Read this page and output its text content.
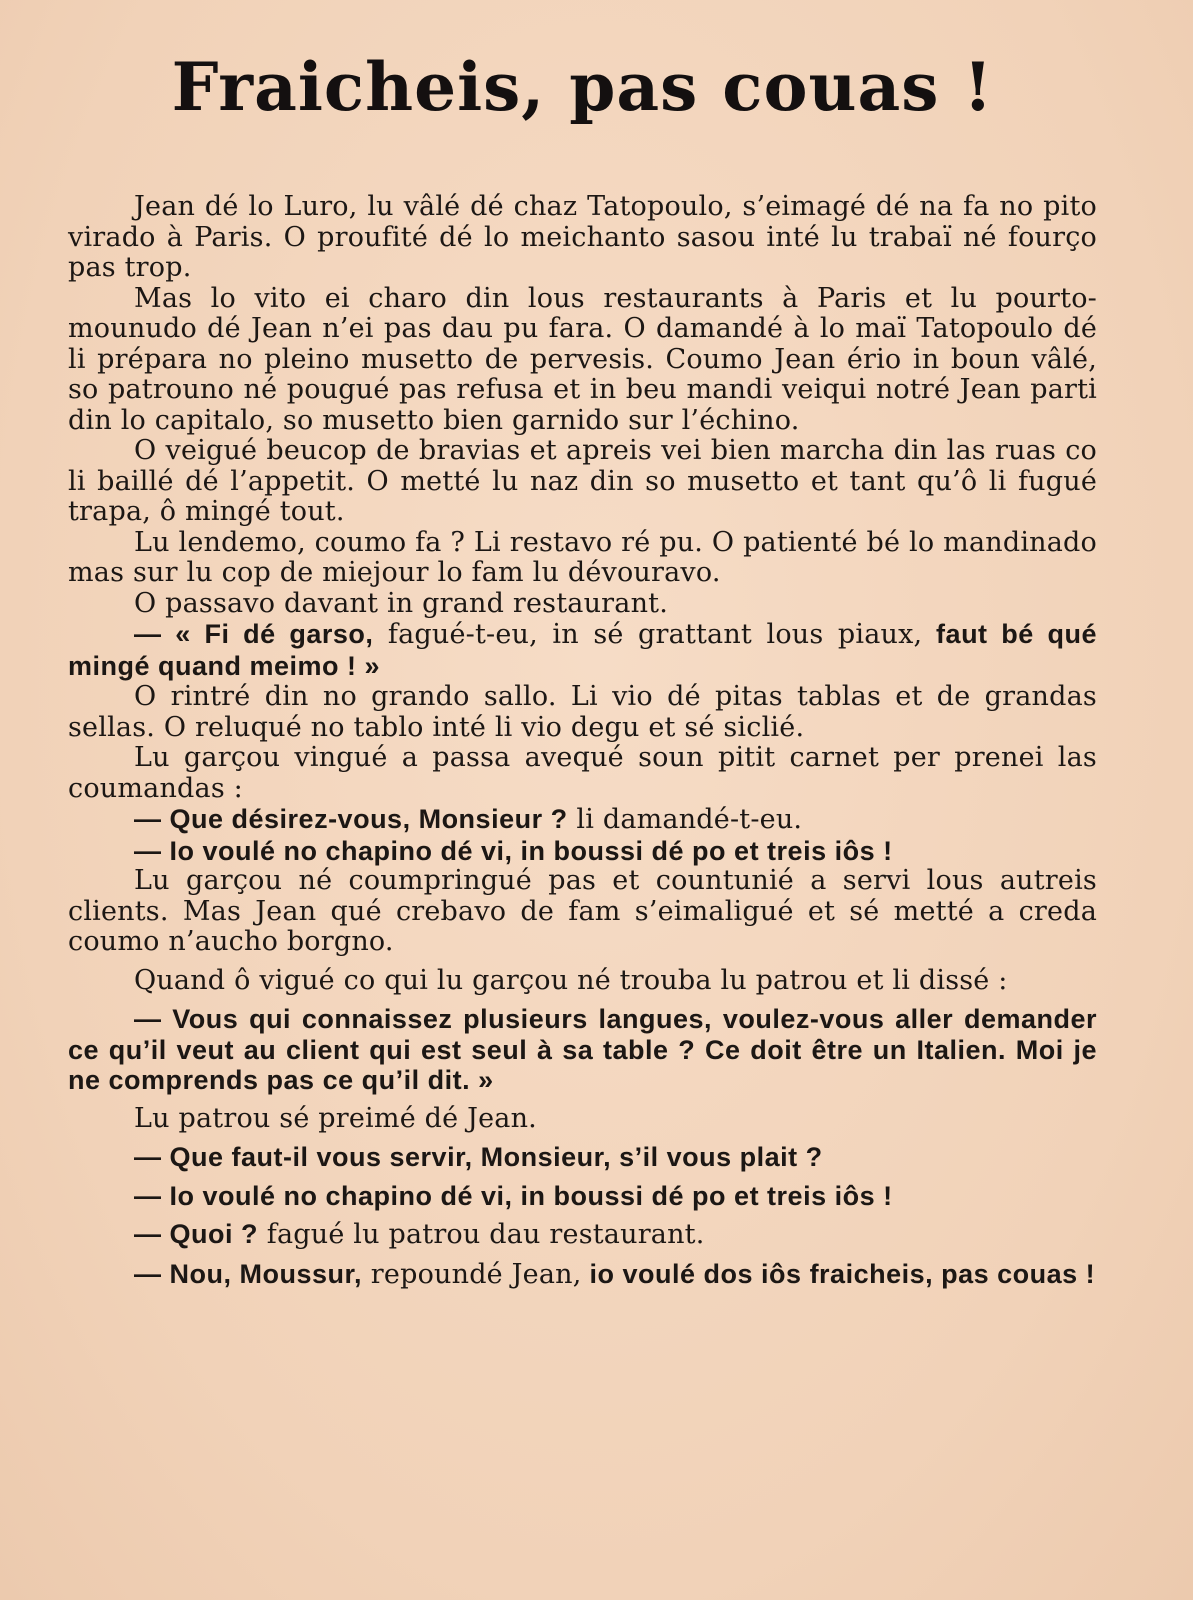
Fraicheis, pas couas !

Jean dé lo Luro, lu vâlé dé chaz Tatopoulo, s’eimagé dé na fa no pito virado à Paris. O proufité dé lo meichanto sasou inté lu trabaï né fourço pas trop.

Mas lo vito ei charo din lous restaurants à Paris et lu pourto-mounudo dé Jean n’ei pas dau pu fara. O damandé à lo maï Tatopoulo dé li prépara no pleino musetto de pervesis. Coumo Jean ério in boun vâlé, so patrouno né pougué pas refusa et in beu mandi veiqui notré Jean parti din lo capitalo, so musetto bien garnido sur l’échino.

O veigué beucop de bravias et apreis vei bien marcha din las ruas co li baillé dé l’appetit. O metté lu naz din so musetto et tant qu’ô li fugué trapa, ô mingé tout.

Lu lendemo, coumo fa ? Li restavo ré pu. O patienté bé lo mandinado mas sur lu cop de miejour lo fam lu dévouravo.

O passavo davant in grand restaurant.

— « Fi dé garso, fagué-t-eu, in sé grattant lous piaux, faut bé qué mingé quand meimo ! »

O rintré din no grando sallo. Li vio dé pitas tablas et de grandas sellas. O reluqué no tablo inté li vio degu et sé siclié.

Lu garçou vingué a passa avequé soun pitit carnet per prenei las coumandas :

— Que désirez-vous, Monsieur ? li damandé-t-eu.

— Io voulé no chapino dé vi, in boussi dé po et treis iôs !

Lu garçou né coumpringué pas et countunié a servi lous autreis clients. Mas Jean qué crebavo de fam s’eimaligué et sé metté a creda coumo n’aucho borgno.

Quand ô vigué co qui lu garçou né trouba lu patrou et li dissé :

— Vous qui connaissez plusieurs langues, voulez-vous aller demander ce qu’il veut au client qui est seul à sa table ? Ce doit être un Italien. Moi je ne comprends pas ce qu’il dit. »

Lu patrou sé preimé dé Jean.

— Que faut-il vous servir, Monsieur, s’il vous plait ?

— Io voulé no chapino dé vi, in boussi dé po et treis iôs !

— Quoi ? fagué lu patrou dau restaurant.

— Nou, Moussur, repoundé Jean, io voulé dos iôs fraicheis, pas couas !
